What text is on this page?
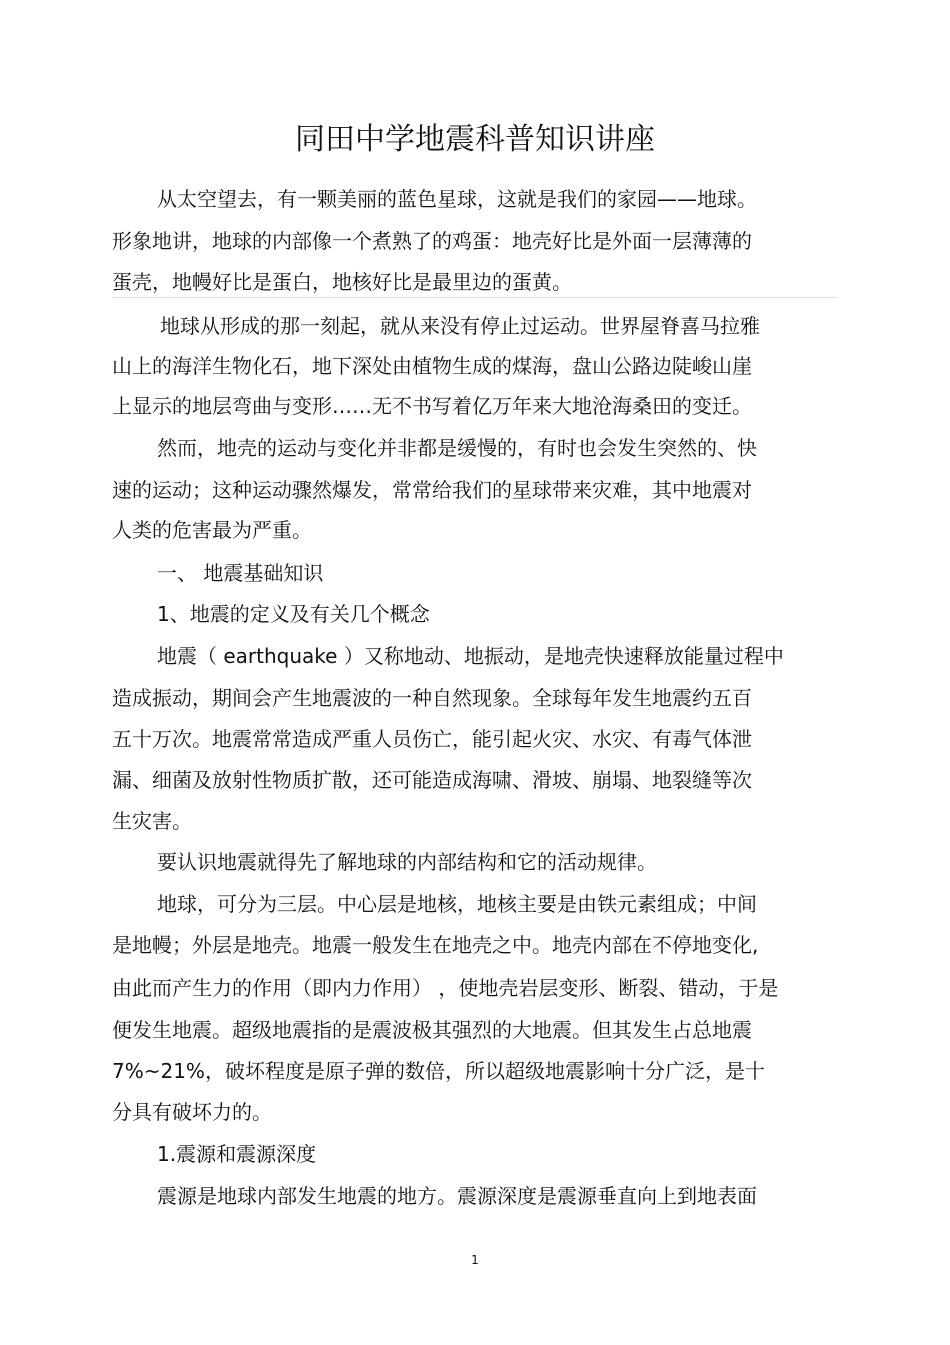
同田中学地震科普知识讲座
从太空望去，有一颗美丽的蓝色星球，这就是我们的家园——地球。
形象地讲，地球的内部像一个煮熟了的鸡蛋：地壳好比是外面一层薄薄的
蛋壳，地幔好比是蛋白，地核好比是最里边的蛋黄。
地球从形成的那一刻起，就从来没有停止过运动。世界屋脊喜马拉雅
山上的海洋生物化石，地下深处由植物生成的煤海，盘山公路边陡峻山崖
上显示的地层弯曲与变形……无不书写着亿万年来大地沧海桑田的变迁。
然而，地壳的运动与变化并非都是缓慢的，有时也会发生突然的、快
速的运动；这种运动骤然爆发，常常给我们的星球带来灾难，其中地震对
人类的危害最为严重。
一、 地震基础知识
1、地震的定义及有关几个概念
地震（ earthquake ）又称地动、地振动，是地壳快速释放能量过程中
造成振动，期间会产生地震波的一种自然现象。全球每年发生地震约五百
五十万次。地震常常造成严重人员伤亡，能引起火灾、水灾、有毒气体泄
漏、细菌及放射性物质扩散，还可能造成海啸、滑坡、崩塌、地裂缝等次
生灾害。
要认识地震就得先了解地球的内部结构和它的活动规律。
地球，可分为三层。中心层是地核，地核主要是由铁元素组成；中间
是地幔；外层是地壳。地震一般发生在地壳之中。地壳内部在不停地变化,
由此而产生力的作用（即内力作用） ，使地壳岩层变形、断裂、错动，于是
便发生地震。超级地震指的是震波极其强烈的大地震。但其发生占总地震
7%~21%，破坏程度是原子弹的数倍，所以超级地震影响十分广泛，是十
分具有破坏力的。
1.震源和震源深度
震源是地球内部发生地震的地方。震源深度是震源垂直向上到地表面
1
